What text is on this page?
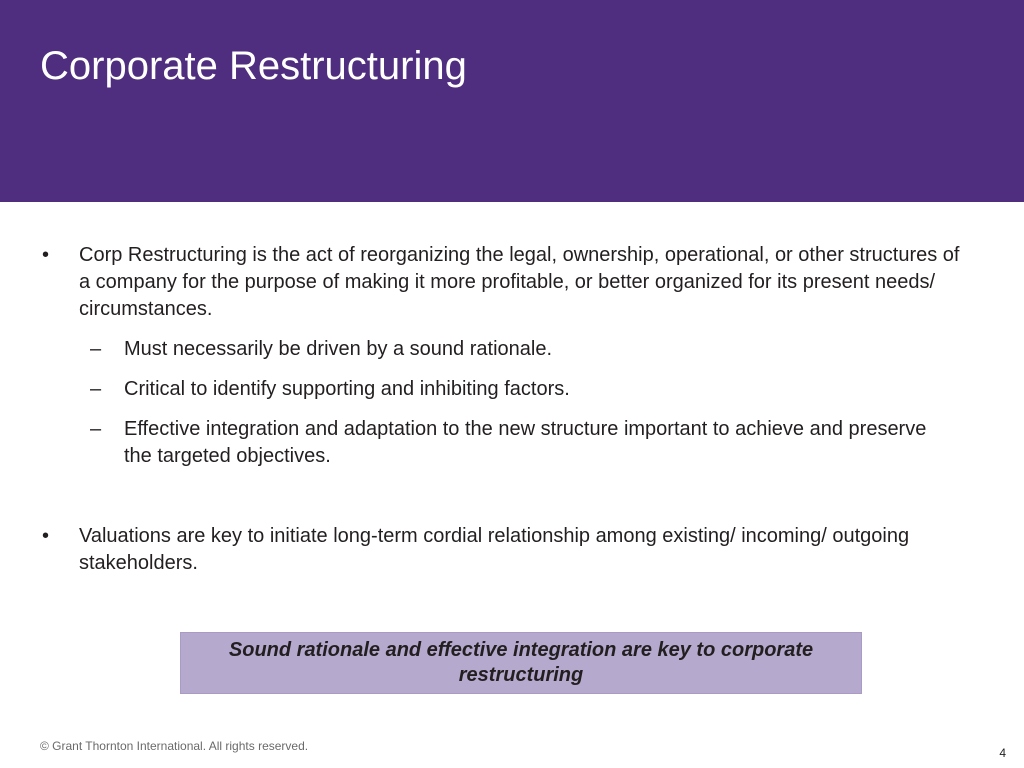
Corporate Restructuring
• Corp Restructuring is the act of reorganizing the legal, ownership, operational, or other structures of a company for the purpose of making it more profitable, or better organized for its present needs/ circumstances.
– Must necessarily be driven by a sound rationale.
– Critical to identify supporting and inhibiting factors.
– Effective integration and adaptation to the new structure important to achieve and preserve the targeted objectives.
• Valuations are key to initiate long-term cordial relationship among existing/ incoming/ outgoing stakeholders.
Sound rationale and effective integration are key to corporate restructuring
© Grant Thornton International. All rights reserved.	4
